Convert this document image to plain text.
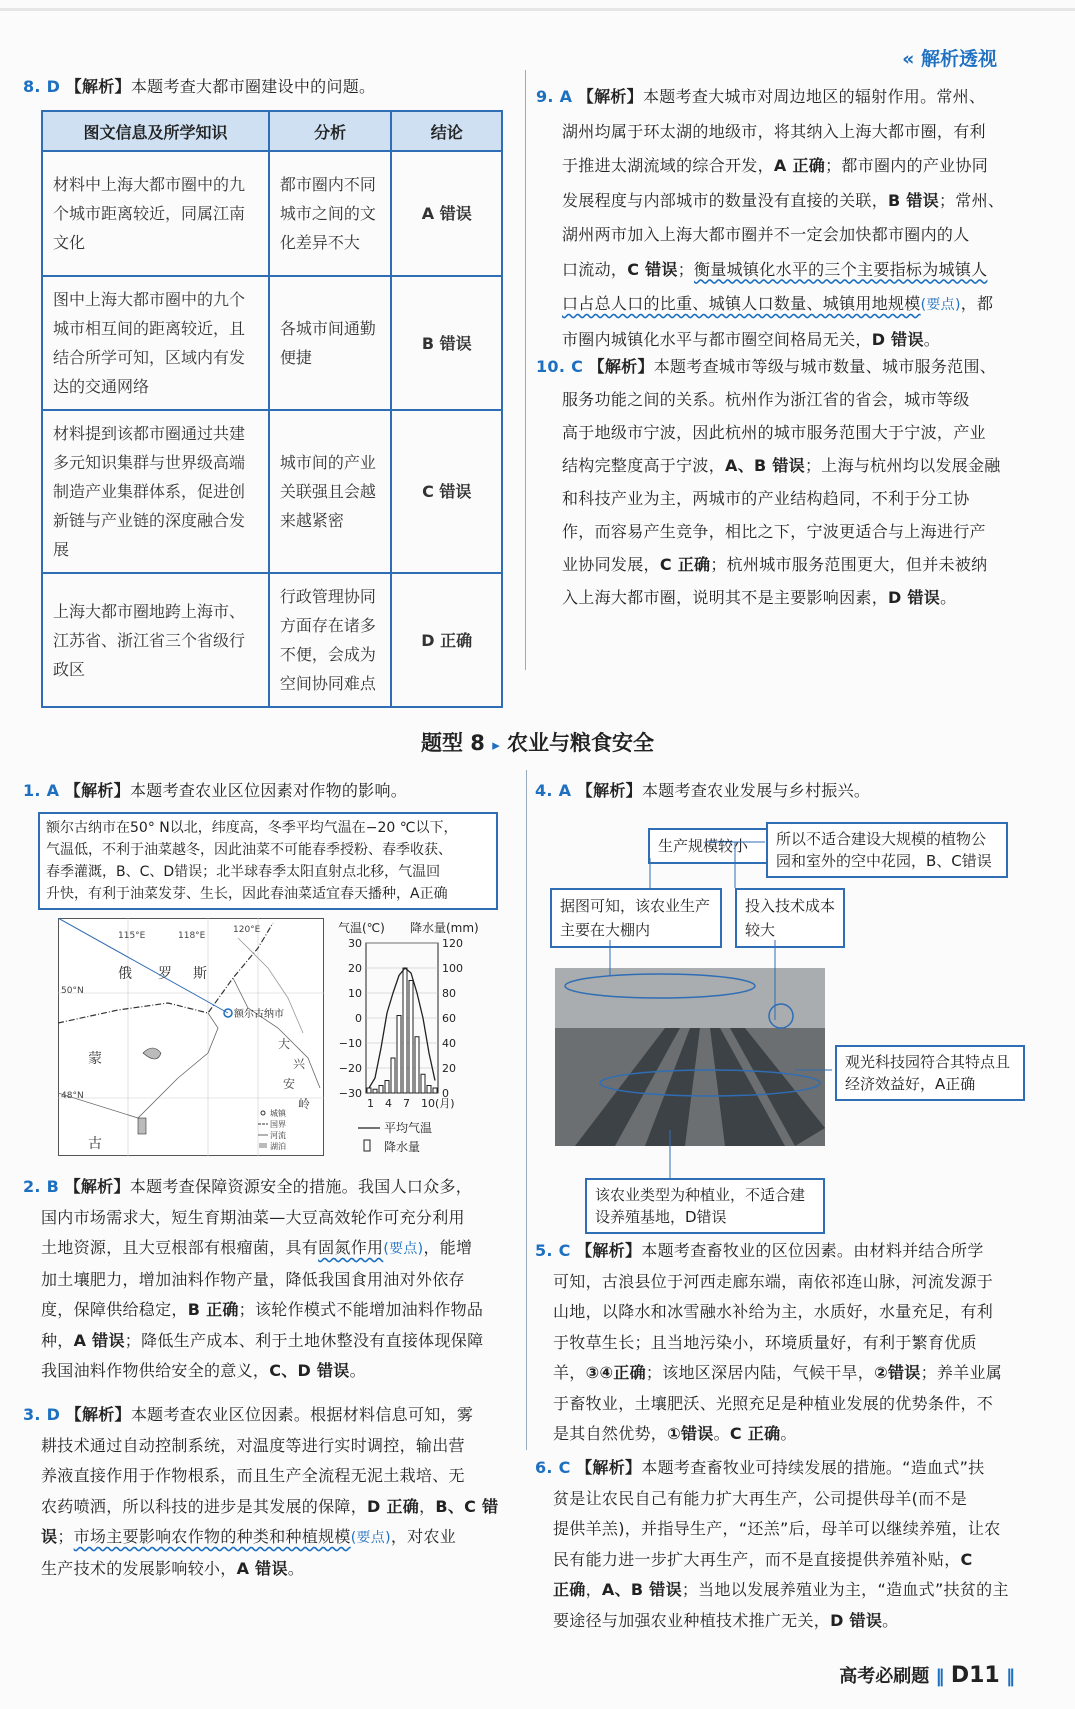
« 解析透视
8. D 【解析】本题考查大都市圈建设中的问题。
图文信息及所学知识	分析	结论
材料中上海大都市圈中的九个城市距离较近，同属江南文化	都市圈内不同城市之间的文化差异不大	A 错误
图中上海大都市圈中的九个城市相互间的距离较近，且结合所学可知，区域内有发达的交通网络	各城市间通勤便捷	B 错误
材料提到该都市圈通过共建多元知识集群与世界级高端制造产业集群体系，促进创新链与产业链的深度融合发展	城市间的产业关联强且会越来越紧密	C 错误
上海大都市圈地跨上海市、江苏省、浙江省三个省级行政区	行政管理协同方面存在诸多不便，会成为空间协同难点	D 正确
9. A 【解析】本题考查大城市对周边地区的辐射作用。常州、
湖州均属于环太湖的地级市，将其纳入上海大都市圈，有利
于推进太湖流域的综合开发，A 正确；都市圈内的产业协同
发展程度与内部城市的数量没有直接的关联，B 错误；常州、
湖州两市加入上海大都市圈并不一定会加快都市圈内的人
口流动，C 错误；衡量城镇化水平的三个主要指标为城镇人
口占总人口的比重、城镇人口数量、城镇用地规模(要点)，都
市圈内城镇化水平与都市圈空间格局无关，D 错误。
10. C 【解析】本题考查城市等级与城市数量、城市服务范围、
服务功能之间的关系。杭州作为浙江省的省会，城市等级
高于地级市宁波，因此杭州的城市服务范围大于宁波，产业
结构完整度高于宁波，A、B 错误；上海与杭州均以发展金融
和科技产业为主，两城市的产业结构趋同，不利于分工协
作，而容易产生竞争，相比之下，宁波更适合与上海进行产
业协同发展，C 正确；杭州城市服务范围更大，但并未被纳
入上海大都市圈，说明其不是主要影响因素，D 错误。
题型 8 ▸ 农业与粮食安全
1. A 【解析】本题考查农业区位因素对作物的影响。
额尔古纳市在50° N以北，纬度高，冬季平均气温在−20 ℃以下，
气温低，不利于油菜越冬，因此油菜不可能春季授粉、春季收获、
春季灌溉，B、C、D错误；北半球春季太阳直射点北移，气温回
升快，有利于油菜发芽、生长，因此春油菜适宜春天播种，A正确
115°E	118°E
120°E
50°N
48°N
俄 罗 斯
蒙
古
额尔古纳市
大
兴
安
岭
城镇
国界
河流
湖泊
气温(℃) 降水量(mm)
30	120
20	100
10	80
0	60
−10	40
−20	20
−30	0
1 4 7 10(月)
平均气温
降水量
2. B 【解析】本题考查保障资源安全的措施。我国人口众多，
国内市场需求大，短生育期油菜—大豆高效轮作可充分利用
土地资源，且大豆根部有根瘤菌，具有固氮作用(要点)，能增
加土壤肥力，增加油料作物产量，降低我国食用油对外依存
度，保障供给稳定，B 正确；该轮作模式不能增加油料作物品
种，A 错误；降低生产成本、利于土地休整没有直接体现保障
我国油料作物供给安全的意义，C、D 错误。
3. D 【解析】本题考查农业区位因素。根据材料信息可知，雾
耕技术通过自动控制系统，对温度等进行实时调控，输出营
养液直接作用于作物根系，而且生产全流程无泥土栽培、无
农药喷洒，所以科技的进步是其发展的保障，D 正确，B、C 错
误；市场主要影响农作物的种类和种植规模(要点)，对农业
生产技术的发展影响较小，A 错误。
4. A 【解析】本题考查农业发展与乡村振兴。
生产规模较小	所以不适合建设大规模的植物公园和室外的空中花园，B、C错误
据图可知，该农业生产主要在大棚内
投入技术成本较大
观光科技园符合其特点且经济效益好，A正确
该农业类型为种植业，不适合建设养殖基地，D错误
5. C 【解析】本题考查畜牧业的区位因素。由材料并结合所学
可知，古浪县位于河西走廊东端，南依祁连山脉，河流发源于
山地，以降水和冰雪融水补给为主，水质好，水量充足，有利
于牧草生长；且当地污染小，环境质量好，有利于繁育优质
羊，③④正确；该地区深居内陆，气候干旱，②错误；养羊业属
于畜牧业，土壤肥沃、光照充足是种植业发展的优势条件，不
是其自然优势，①错误。C 正确。
6. C 【解析】本题考查畜牧业可持续发展的措施。“造血式”扶
贫是让农民自己有能力扩大再生产，公司提供母羊(而不是
提供羊羔)，并指导生产，“还羔”后，母羊可以继续养殖，让农
民有能力进一步扩大再生产，而不是直接提供养殖补贴，C
正确，A、B 错误；当地以发展养殖业为主，“造血式”扶贫的主
要途径与加强农业种植技术推广无关，D 错误。
高考必刷题 ‖ D11 ‖
